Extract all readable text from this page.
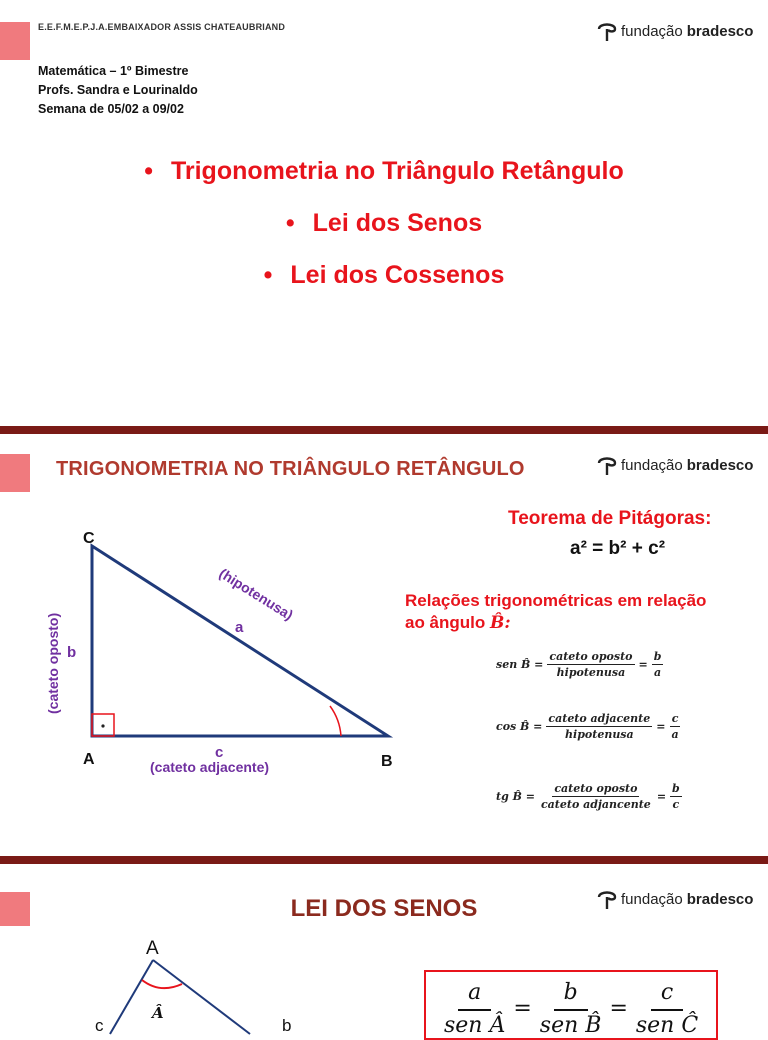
E.E.F.M.E.P.J.A.EMBAIXADOR ASSIS CHATEAUBRIAND	fundação bradesco
Matemática – 1º Bimestre
Profs. Sandra e Lourinaldo
Semana de 05/02 a 09/02
• Trigonometria no Triângulo Retângulo
• Lei dos Senos
• Lei dos Cossenos
TRIGONOMETRIA NO TRIÂNGULO RETÂNGULO	fundação bradesco
C
A	B
b
(cateto oposto)
c
(cateto adjacente)
a
(hipotenusa)
Teorema de Pitágoras:
a² = b² + c²
Relações trigonométricas em relação
ao ângulo B̂:
sen B̂ = $\frac{\text{cateto oposto}}{\text{hipotenusa}} = \frac{b}{a}$
cos B̂ = $\frac{\text{cateto adjacente}}{\text{hipotenusa}} = \frac{c}{a}$
tg B̂ = $\frac{\text{cateto oposto}}{\text{cateto adjancente}} = \frac{b}{c}$
fundação bradesco
A
Â
c	b
LEI DOS SENOS
a
sen Â
=
b
sen B̂
=
c
sen Ĉ
